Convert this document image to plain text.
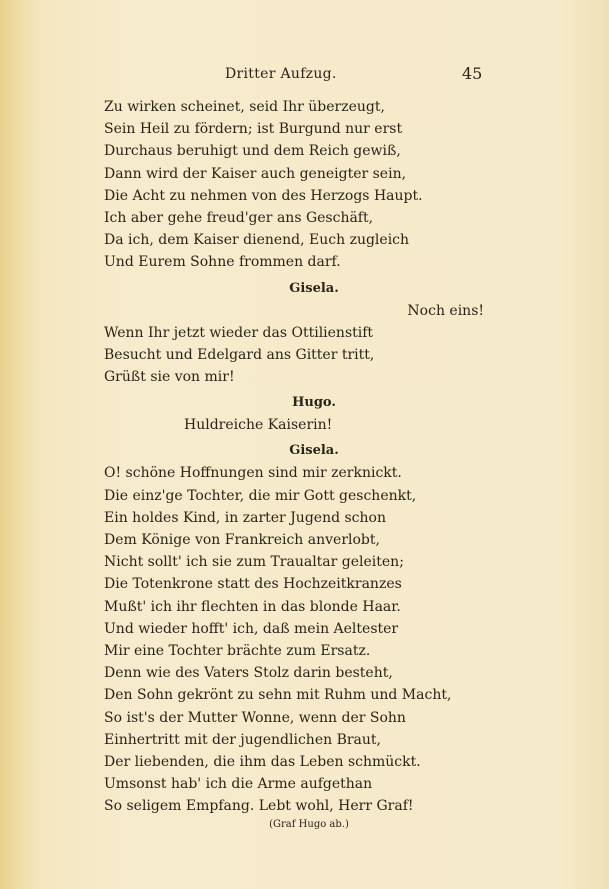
Dritter Aufzug.	45
Zu wirken scheinet, seid Ihr überzeugt,
Sein Heil zu fördern; ist Burgund nur erst
Durchaus beruhigt und dem Reich gewiß,
Dann wird der Kaiser auch geneigter sein,
Die Acht zu nehmen von des Herzogs Haupt.
Ich aber gehe freud'ger ans Geschäft,
Da ich, dem Kaiser dienend, Euch zugleich
Und Eurem Sohne frommen darf.
Gisela.
Noch eins!
Wenn Ihr jetzt wieder das Ottilienstift
Besucht und Edelgard ans Gitter tritt,
Grüßt sie von mir!
Hugo.
Huldreiche Kaiserin!
Gisela.
O! schöne Hoffnungen sind mir zerknickt.
Die einz'ge Tochter, die mir Gott geschenkt,
Ein holdes Kind, in zarter Jugend schon
Dem Könige von Frankreich anverlobt,
Nicht sollt' ich sie zum Traualtar geleiten;
Die Totenkrone statt des Hochzeitkranzes
Mußt' ich ihr flechten in das blonde Haar.
Und wieder hofft' ich, daß mein Aeltester
Mir eine Tochter brächte zum Ersatz.
Denn wie des Vaters Stolz darin besteht,
Den Sohn gekrönt zu sehn mit Ruhm und Macht,
So ist's der Mutter Wonne, wenn der Sohn
Einhertritt mit der jugendlichen Braut,
Der liebenden, die ihm das Leben schmückt.
Umsonst hab' ich die Arme aufgethan
So seligem Empfang. Lebt wohl, Herr Graf!
(Graf Hugo ab.)
